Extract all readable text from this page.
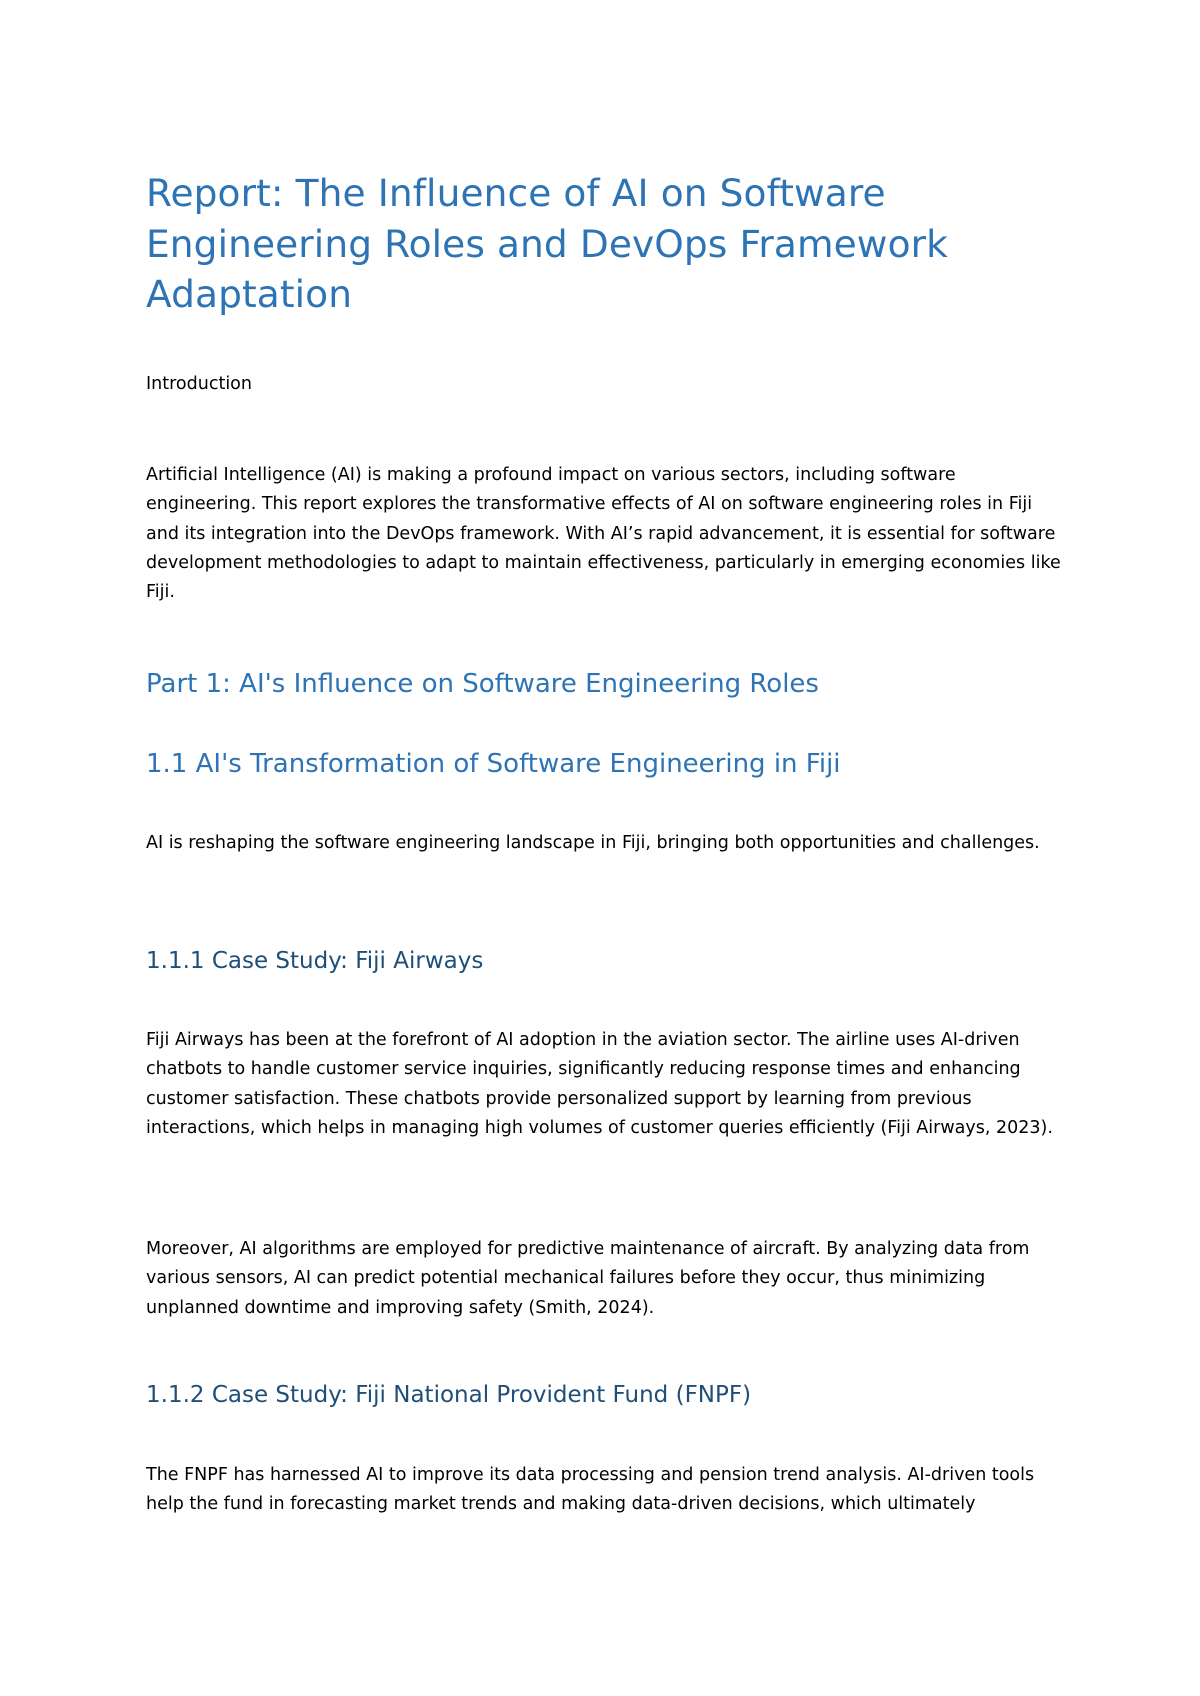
Report: The Influence of AI on Software Engineering Roles and DevOps Framework Adaptation

Introduction

Artificial Intelligence (AI) is making a profound impact on various sectors, including software engineering. This report explores the transformative effects of AI on software engineering roles in Fiji and its integration into the DevOps framework. With AI’s rapid advancement, it is essential for software development methodologies to adapt to maintain effectiveness, particularly in emerging economies like Fiji.

Part 1: AI's Influence on Software Engineering Roles
1.1 AI's Transformation of Software Engineering in Fiji

AI is reshaping the software engineering landscape in Fiji, bringing both opportunities and challenges.

1.1.1 Case Study: Fiji Airways

Fiji Airways has been at the forefront of AI adoption in the aviation sector. The airline uses AI-driven chatbots to handle customer service inquiries, significantly reducing response times and enhancing customer satisfaction. These chatbots provide personalized support by learning from previous interactions, which helps in managing high volumes of customer queries efficiently (Fiji Airways, 2023).

Moreover, AI algorithms are employed for predictive maintenance of aircraft. By analyzing data from various sensors, AI can predict potential mechanical failures before they occur, thus minimizing unplanned downtime and improving safety (Smith, 2024).

1.1.2 Case Study: Fiji National Provident Fund (FNPF)

The FNPF has harnessed AI to improve its data processing and pension trend analysis. AI-driven tools help the fund in forecasting market trends and making data-driven decisions, which ultimately
